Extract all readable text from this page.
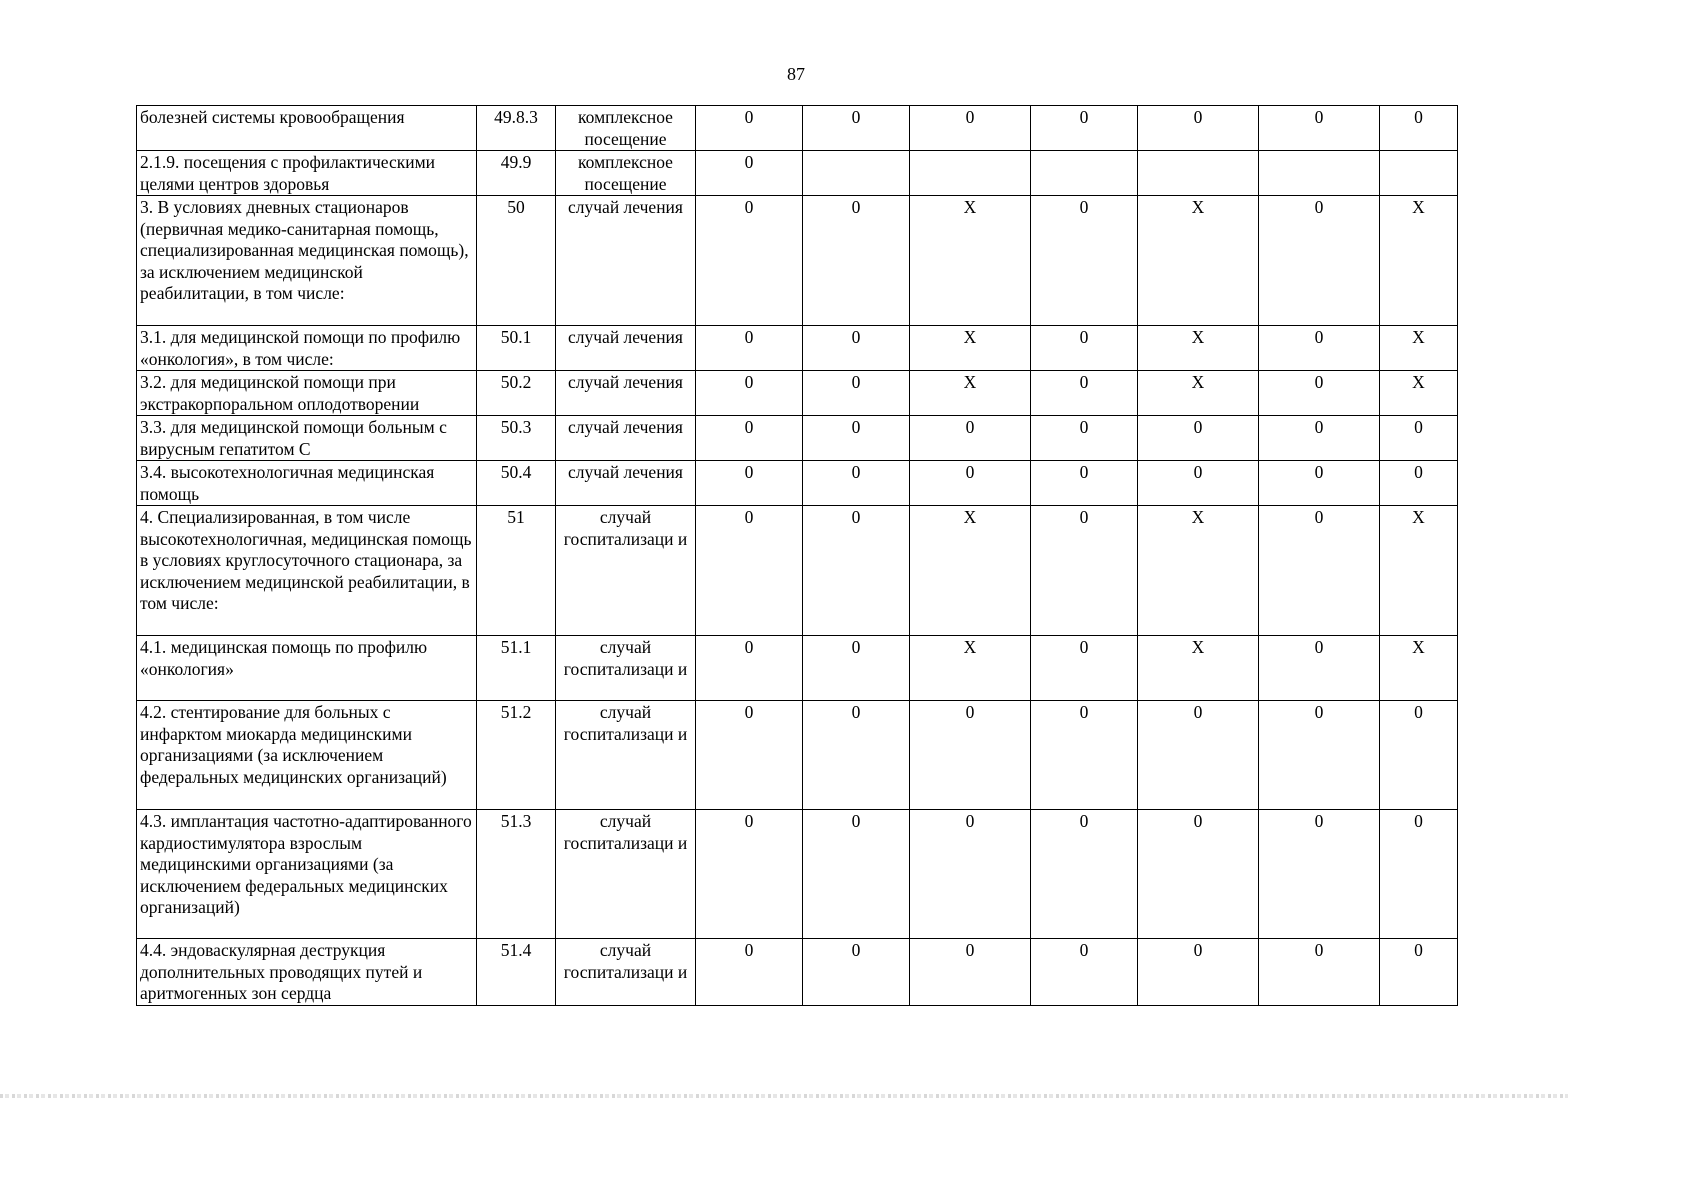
87
болезней системы кровообращения	49.8.3	комплексное посещение	0	0	0	0	0	0	0
2.1.9. посещения с профилактическими целями центров здоровья	49.9	комплексное посещение	0						
3. В условиях дневных стационаров (первичная медико-санитарная помощь, специализированная медицинская помощь), за исключением медицинской реабилитации, в том числе:	50	случай лечения	0	0	X	0	X	0	X
3.1. для медицинской помощи по профилю «онкология», в том числе:	50.1	случай лечения	0	0	X	0	X	0	X
3.2. для медицинской помощи при экстракорпоральном оплодотворении	50.2	случай лечения	0	0	X	0	X	0	X
3.3. для медицинской помощи больным с вирусным гепатитом С	50.3	случай лечения	0	0	0	0	0	0	0
3.4. высокотехнологичная медицинская помощь	50.4	случай лечения	0	0	0	0	0	0	0
4. Специализированная, в том числе высокотехнологичная, медицинская помощь в условиях круглосуточного стационара, за исключением медицинской реабилитации, в том числе:	51	случай госпитализаци и	0	0	X	0	X	0	X
4.1. медицинская помощь по профилю «онкология»	51.1	случай госпитализаци и	0	0	X	0	X	0	X
4.2. стентирование для больных с инфарктом миокарда медицинскими организациями (за исключением федеральных медицинских организаций)	51.2	случай госпитализаци и	0	0	0	0	0	0	0
4.3. имплантация частотно-адаптированного кардиостимулятора взрослым медицинскими организациями (за исключением федеральных медицинских организаций)	51.3	случай госпитализаци и	0	0	0	0	0	0	0
4.4. эндоваскулярная деструкция дополнительных проводящих путей и аритмогенных зон сердца	51.4	случай госпитализаци и	0	0	0	0	0	0	0
